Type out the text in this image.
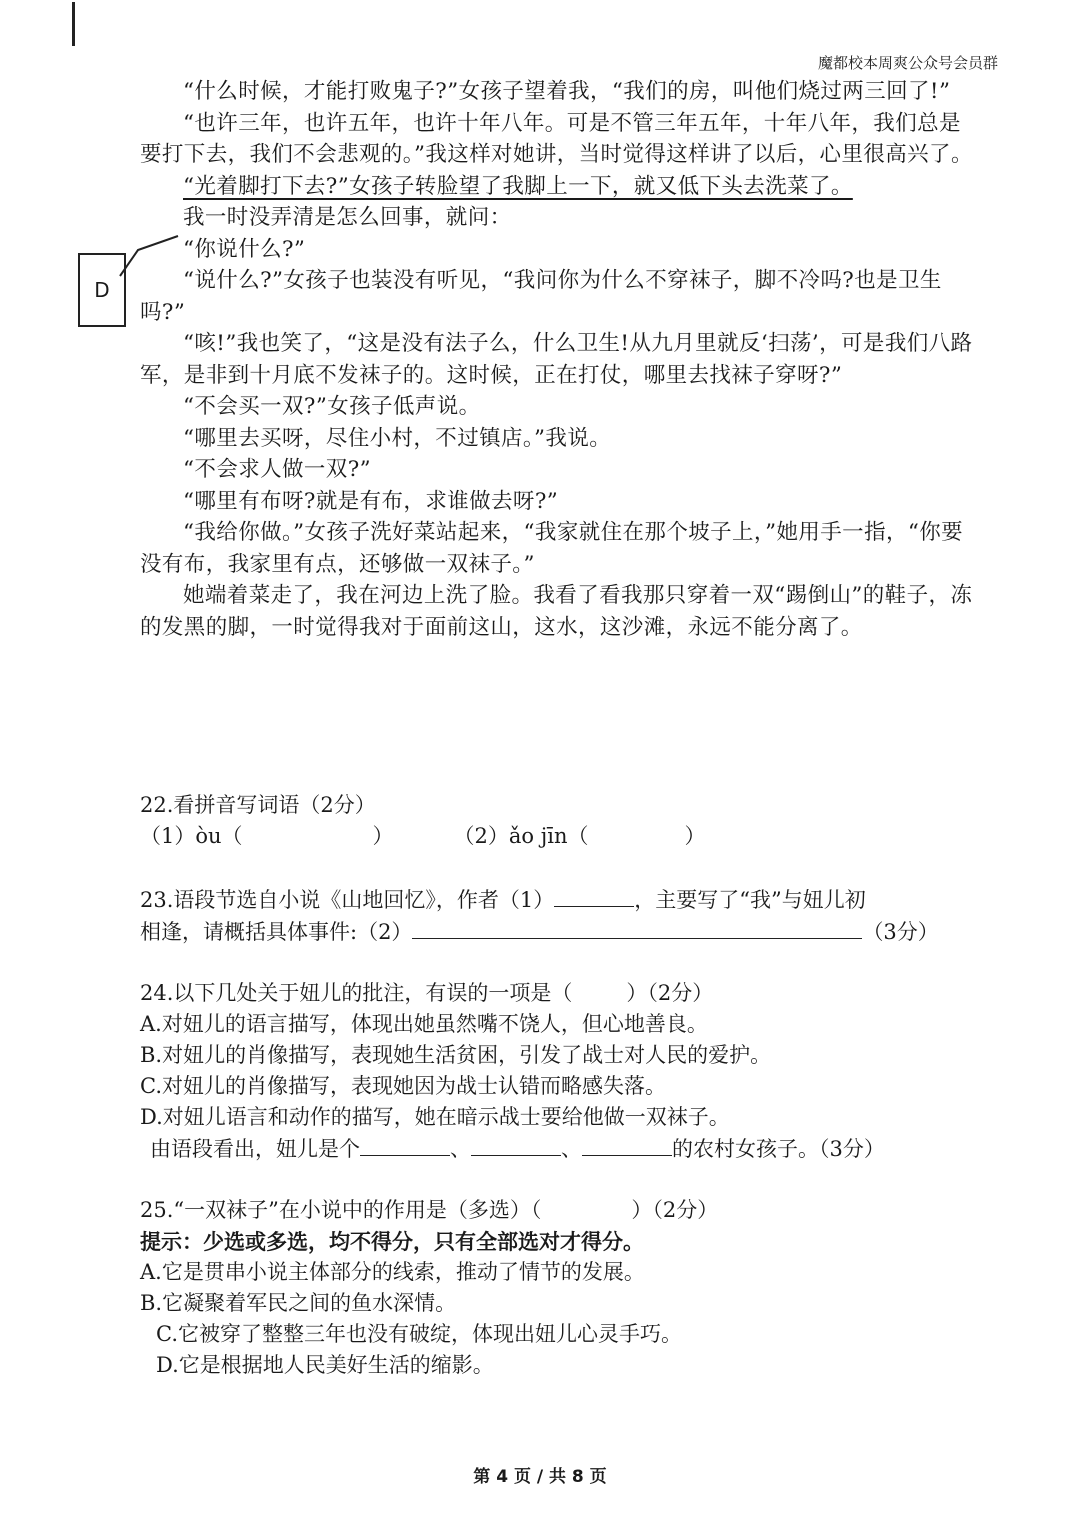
魔都校本周爽公众号会员群
D

“什么时候，才能打败鬼子?”女孩子望着我，“我们的房，叫他们烧过两三回了!”

“也许三年，也许五年，也许十年八年。可是不管三年五年，十年八年，我们总是要打下去，我们不会悲观的。”我这样对她讲，当时觉得这样讲了以后，心里很高兴了。

“光着脚打下去?”女孩子转脸望了我脚上一下，就又低下头去洗菜了。

我一时没弄清是怎么回事，就问：

“你说什么?”

“说什么?”女孩子也装没有听见，“我问你为什么不穿袜子，脚不冷吗?也是卫生吗?”

“咳!”我也笑了，“这是没有法子么，什么卫生!从九月里就反‘扫荡’，可是我们八路军，是非到十月底不发袜子的。这时候，正在打仗，哪里去找袜子穿呀?”

“不会买一双?”女孩子低声说。

“哪里去买呀，尽住小村，不过镇店。”我说。

“不会求人做一双?”

“哪里有布呀?就是有布，求谁做去呀?”

“我给你做。”女孩子洗好菜站起来，“我家就住在那个坡子上，”她用手一指，“你要没有布，我家里有点，还够做一双袜子。”

她端着菜走了，我在河边上洗了脸。我看了看我那只穿着一双“踢倒山”的鞋子，冻的发黑的脚，一时觉得我对于面前这山，这水，这沙滩，永远不能分离了。

22.看拼音写词语（2分）

（1）òu（	）	（2）ǎo jīn（	）

23.语段节选自小说《山地回忆》，作者（1）	，主要写了“我”与妞儿初

相逢，请概括具体事件:（2）	（3分）

24.以下几处关于妞儿的批注，有误的一项是（	）（2分）

A.对妞儿的语言描写，体现出她虽然嘴不饶人，但心地善良。

B.对妞儿的肖像描写，表现她生活贫困，引发了战士对人民的爱护。

C.对妞儿的肖像描写，表现她因为战士认错而略感失落。

D.对妞儿语言和动作的描写，她在暗示战士要给他做一双袜子。

由语段看出，妞儿是个	、	、	的农村女孩子。（3分）

25.“一双袜子”在小说中的作用是（多选）（	）（2分）

提示：少选或多选，均不得分，只有全部选对才得分。

A.它是贯串小说主体部分的线索，推动了情节的发展。

B.它凝聚着军民之间的鱼水深情。

C.它被穿了整整三年也没有破绽，体现出妞儿心灵手巧。

D.它是根据地人民美好生活的缩影。

第 4 页 / 共 8 页
